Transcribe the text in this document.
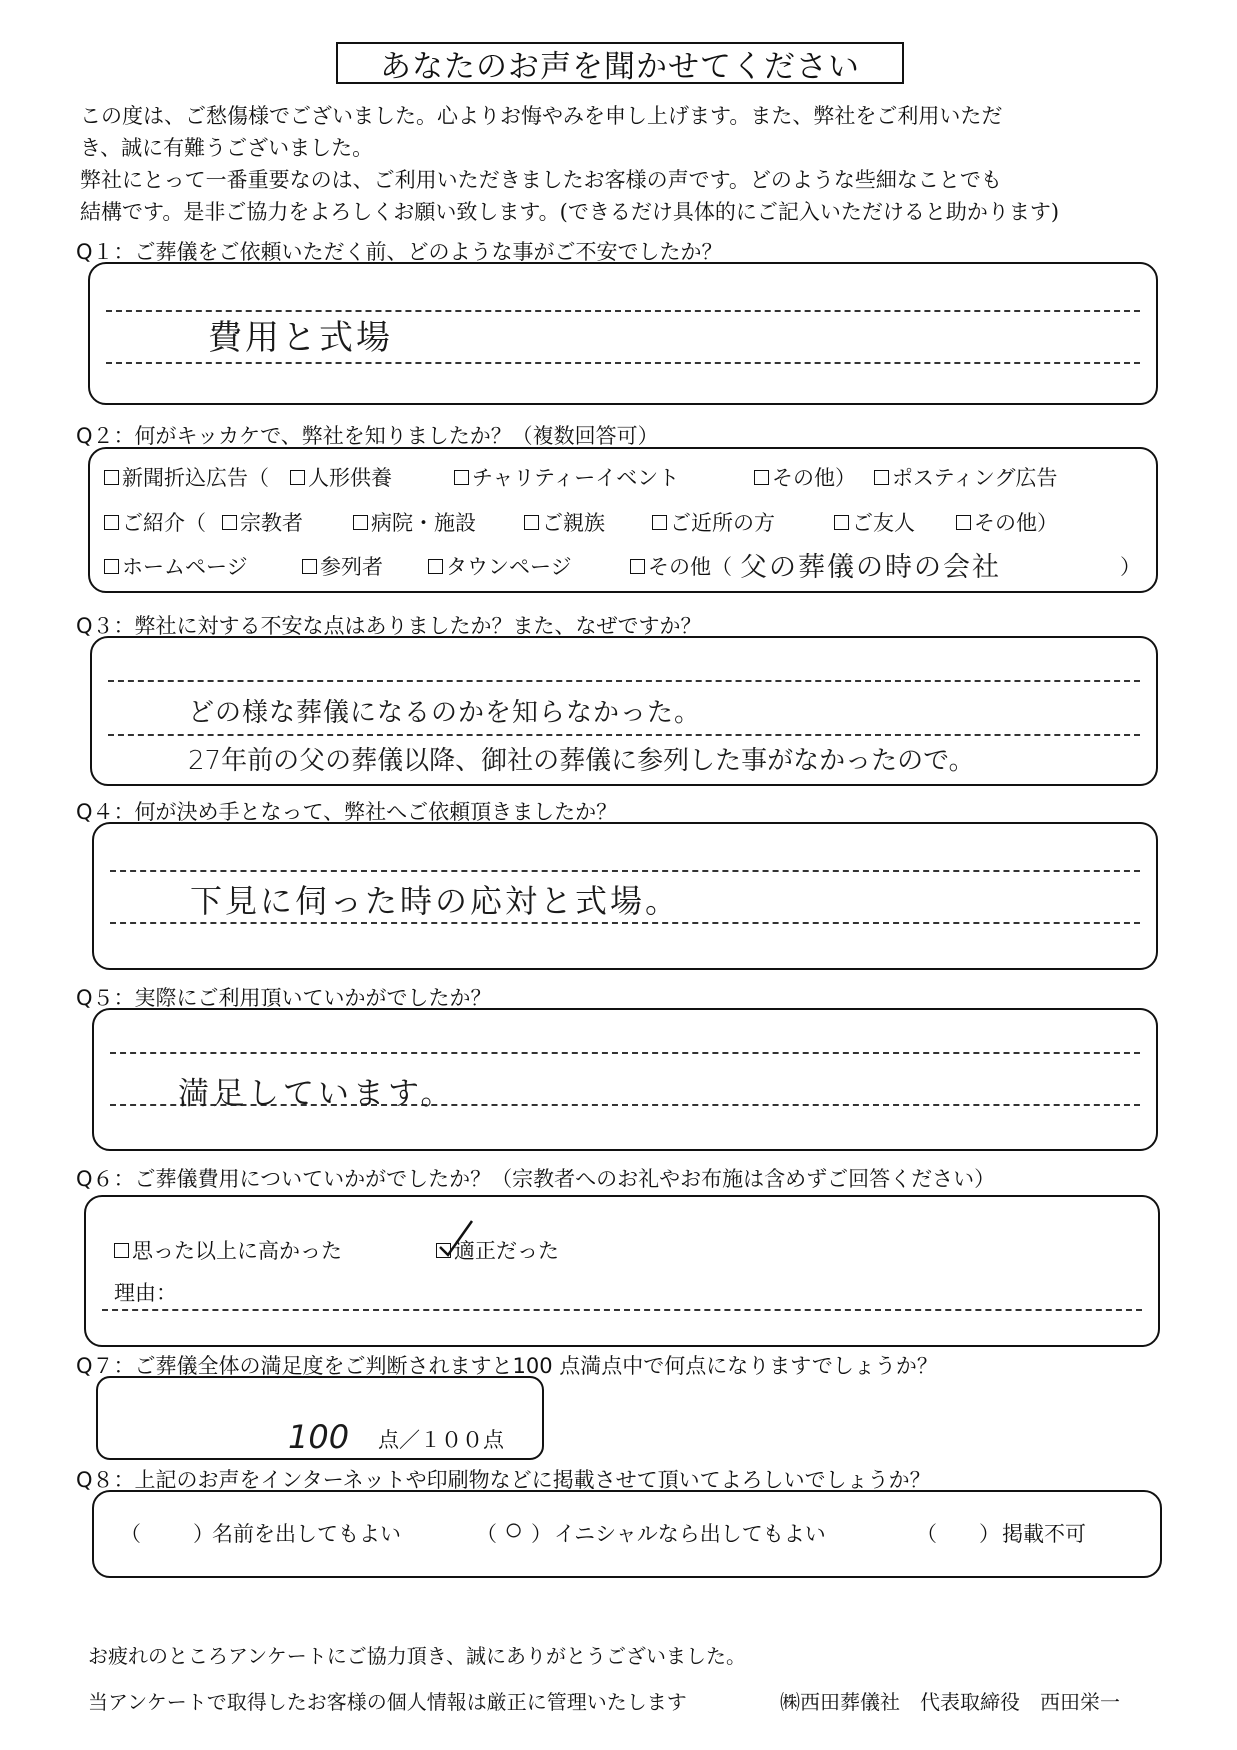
あなたのお声を聞かせてください

この度は、ご愁傷様でございました。心よりお悔やみを申し上げます。また、弊社をご利用いただ

き、誠に有難うございました。

弊社にとって一番重要なのは、ご利用いただきましたお客様の声です。どのような些細なことでも

結構です。是非ご協力をよろしくお願い致します。(できるだけ具体的にご記入いただけると助かります)

Q１：ご葬儀をご依頼いただく前、どのような事がご不安でしたか？
費用と式場
Q２：何がキッカケで、弊社を知りましたか？（複数回答可）
新聞折込広告（	人形供養	チャリティーイベント	その他）	ポスティング広告
ご紹介（	宗教者	病院・施設	ご親族	ご近所の方	ご友人	その他）
ホームページ	参列者	タウンページ	その他（ 父の葬儀の時の会社	）
Q３：弊社に対する不安な点はありましたか？また、なぜですか？
どの様な葬儀になるのかを知らなかった。
27年前の父の葬儀以降、御社の葬儀に参列した事がなかったので。
Q４：何が決め手となって、弊社へご依頼頂きましたか？
下見に伺った時の応対と式場。
Q５：実際にご利用頂いていかがでしたか？
満足しています。
Q６：ご葬儀費用についていかがでしたか？（宗教者へのお礼やお布施は含めずご回答ください）
思った以上に高かった	適正だった
理由：
Q７：ご葬儀全体の満足度をご判断されますと100 点満点中で何点になりますでしょうか？
100 点／１００点
Q８：上記のお声をインターネットや印刷物などに掲載させて頂いてよろしいでしょうか？
（ ）
名前を出してもよい	（ ）
○ イニシャルなら出してもよい	（ ） 掲載不可
お疲れのところアンケートにご協力頂き、誠にありがとうございました。
当アンケートで取得したお客様の個人情報は厳正に管理いたします	㈱西田葬儀社　代表取締役　西田栄一
